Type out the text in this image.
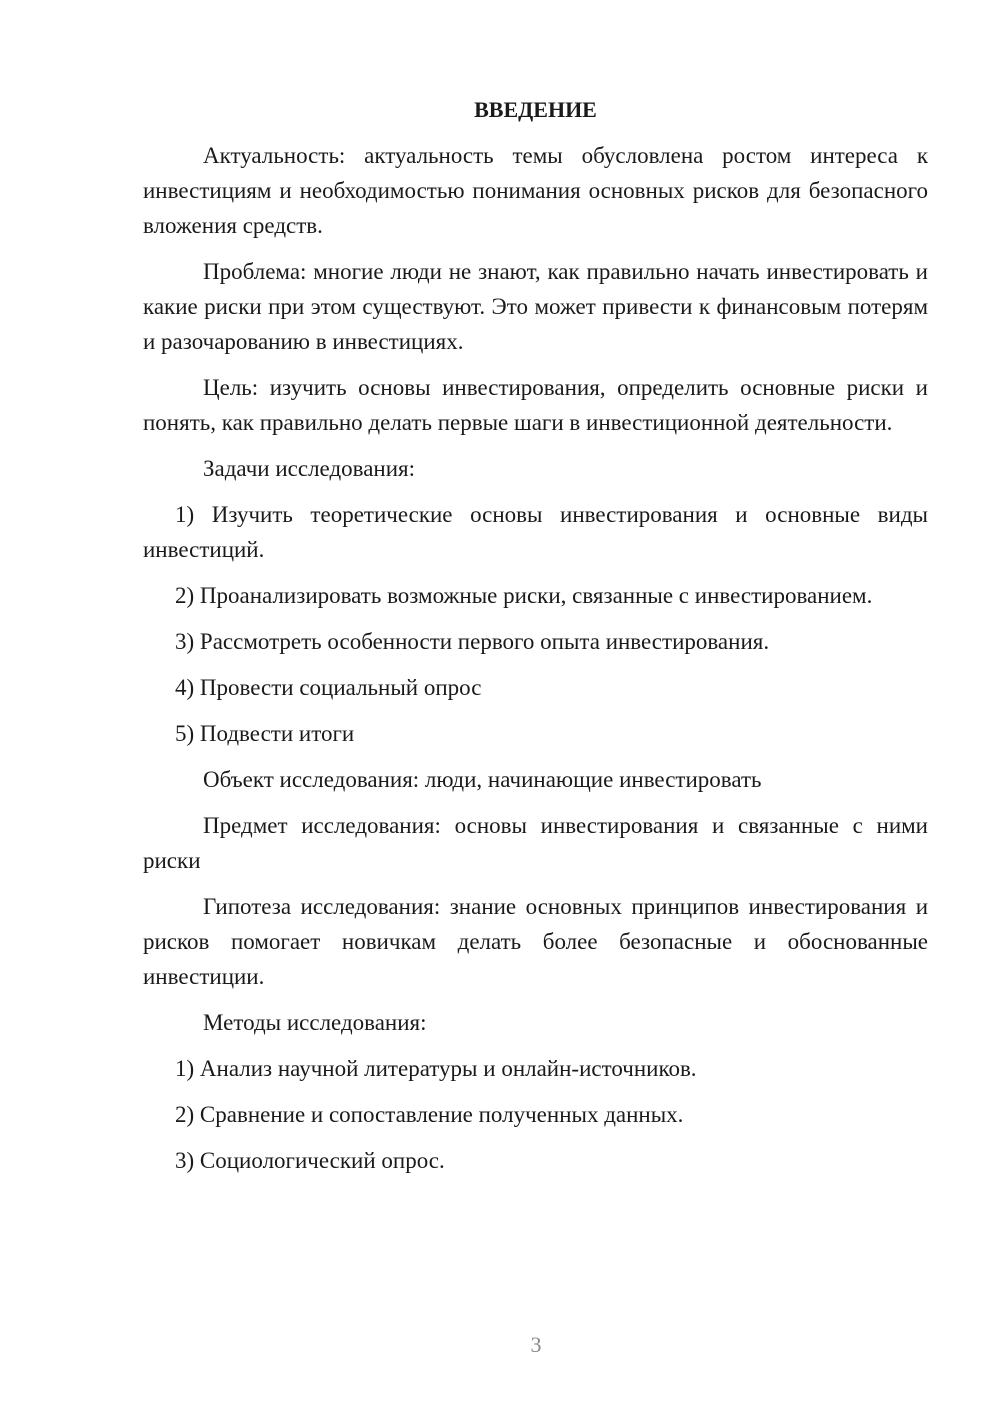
ВВЕДЕНИЕ

Актуальность: актуальность темы обусловлена ростом интереса к инвестициям и необходимостью понимания основных рисков для безопасного вложения средств.

Проблема: многие люди не знают, как правильно начать инвестировать и какие риски при этом существуют. Это может привести к финансовым потерям и разочарованию в инвестициях.

Цель: изучить основы инвестирования, определить основные риски и понять, как правильно делать первые шаги в инвестиционной деятельности.

Задачи исследования:

1) Изучить теоретические основы инвестирования и основные виды инвестиций.

2) Проанализировать возможные риски, связанные с инвестированием.

3) Рассмотреть особенности первого опыта инвестирования.

4) Провести социальный опрос

5) Подвести итоги

Объект исследования: люди, начинающие инвестировать

Предмет исследования: основы инвестирования и связанные с ними риски

Гипотеза исследования: знание основных принципов инвестирования и рисков помогает новичкам делать более безопасные и обоснованные инвестиции.

Методы исследования:

1) Анализ научной литературы и онлайн-источников.

2) Сравнение и сопоставление полученных данных.

3) Социологический опрос.

3
